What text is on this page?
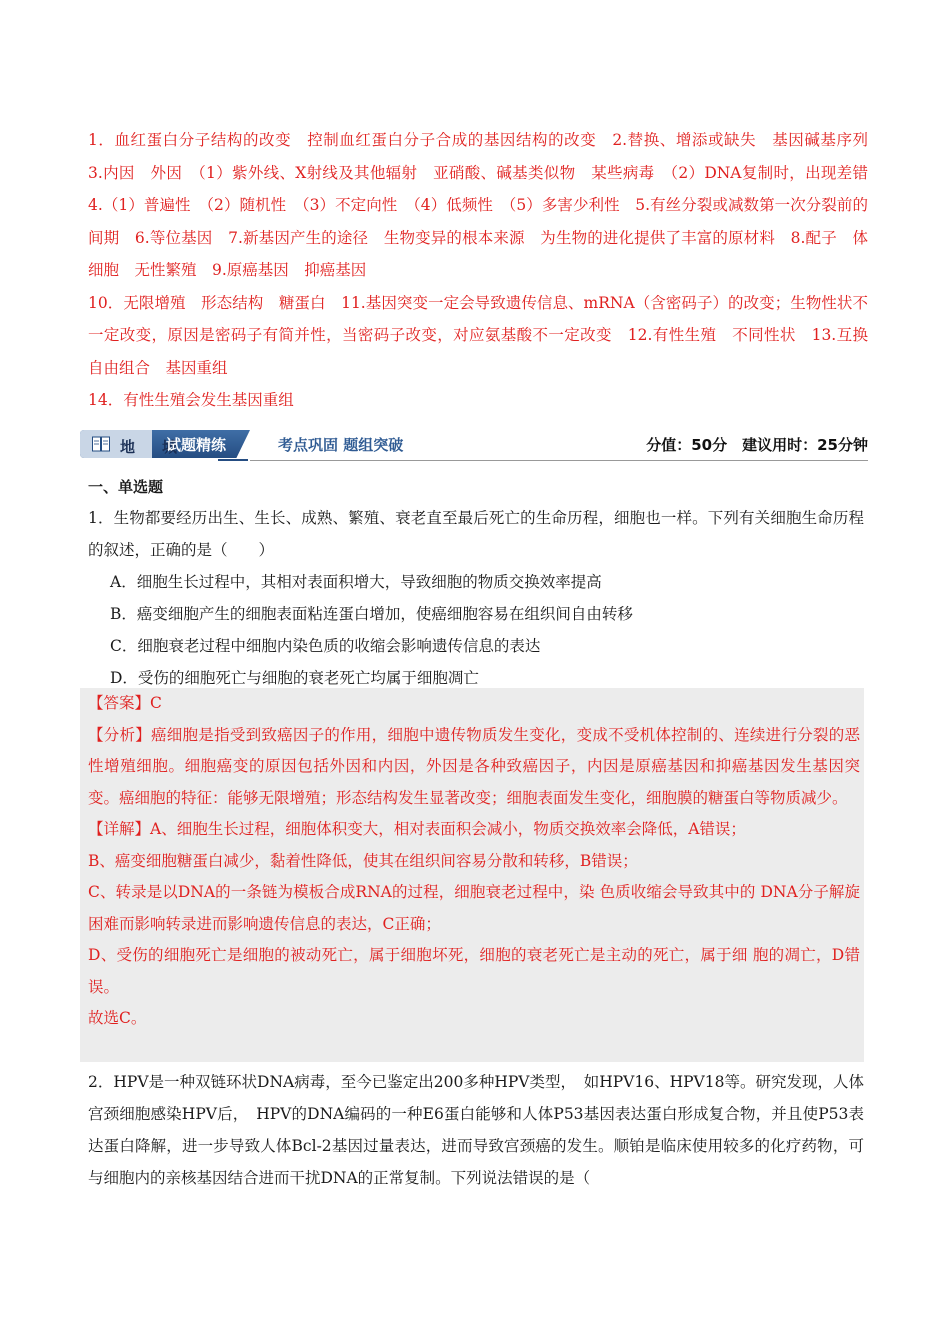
1．血红蛋白分子结构的改变　控制血红蛋白分子合成的基因结构的改变　2.替换、增添或缺失　基因碱基序列　3.内因　外因　（1）紫外线、X射线及其他辐射　亚硝酸、碱基类似物　某些病毒　（2）DNA复制时，出现差错　4.（1）普遍性　（2）随机性　（3）不定向性　（4）低频性　（5）多害少利性　5.有丝分裂或减数第一次分裂前的间期　6.等位基因　7.新基因产生的途径　生物变异的根本来源　为生物的进化提供了丰富的原材料　8.配子　体细胞　无性繁殖　9.原癌基因　抑癌基因

10．无限增殖　形态结构　糖蛋白　11.基因突变一定会导致遗传信息、mRNA（含密码子）的改变；生物性状不一定改变，原因是密码子有简并性，当密码子改变，对应氨基酸不一定改变　12.有性生殖　不同性状　13.互换　自由组合　基因重组

14．有性生殖会发生基因重组

地　城
试题精练	考点巩固 题组突破	分值：50分　建议用时：25分钟
一、单选题

1．生物都要经历出生、生长、成熟、繁殖、衰老直至最后死亡的生命历程，细胞也一样。下列有关细胞生命历程的叙述，正确的是（　　）

A．细胞生长过程中，其相对表面积增大，导致细胞的物质交换效率提高

B．癌变细胞产生的细胞表面粘连蛋白增加，使癌细胞容易在组织间自由转移

C．细胞衰老过程中细胞内染色质的收缩会影响遗传信息的表达

D．受伤的细胞死亡与细胞的衰老死亡均属于细胞凋亡

【答案】C

【分析】癌细胞是指受到致癌因子的作用，细胞中遗传物质发生变化，变成不受机体控制的、连续进行分裂的恶性增殖细胞。细胞癌变的原因包括外因和内因，外因是各种致癌因子，内因是原癌基因和抑癌基因发生基因突变。癌细胞的特征：能够无限增殖；形态结构发生显著改变；细胞表面发生变化，细胞膜的糖蛋白等物质减少。

【详解】A、细胞生长过程，细胞体积变大，相对表面积会减小，物质交换效率会降低，A错误；

B、癌变细胞糖蛋白减少，黏着性降低，使其在组织间容易分散和转移，B错误；

C、转录是以DNA的一条链为模板合成RNA的过程，细胞衰老过程中，染 色质收缩会导致其中的 DNA分子解旋困难而影响转录进而影响遗传信息的表达，C正确；

D、受伤的细胞死亡是细胞的被动死亡，属于细胞坏死，细胞的衰老死亡是主动的死亡，属于细 胞的凋亡，D错误。

故选C。

2．HPV是一种双链环状DNA病毒，至今已鉴定出200多种HPV类型，　如HPV16、HPV18等。研究发现，人体宫颈细胞感染HPV后，　HPV的DNA编码的一种E6蛋白能够和人体P53基因表达蛋白形成复合物，并且使P53表达蛋白降解，进一步导致人体Bcl-2基因过量表达，进而导致宫颈癌的发生。顺铂是临床使用较多的化疗药物，可与细胞内的亲核基因结合进而干扰DNA的正常复制。下列说法错误的是（
